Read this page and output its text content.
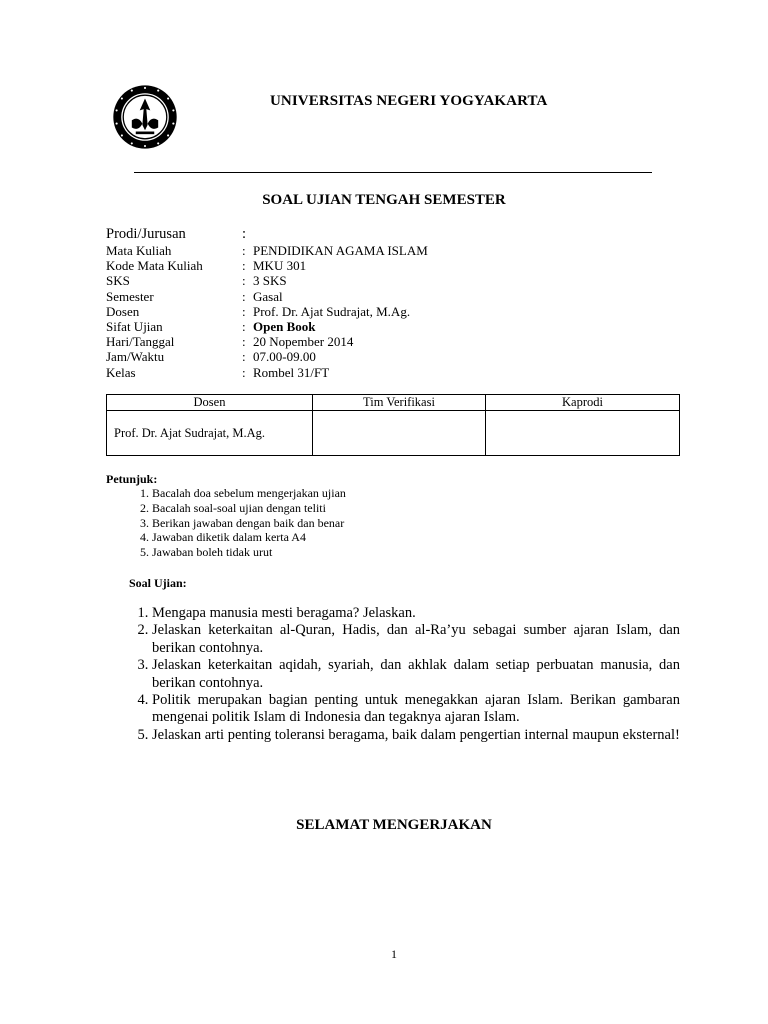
UNIVERSITAS NEGERI YOGYAKARTA
SOAL UJIAN TENGAH SEMESTER
Prodi/Jurusan	:
Mata Kuliah	: PENDIDIKAN AGAMA ISLAM
Kode Mata Kuliah	: MKU 301
SKS	: 3 SKS
Semester	: Gasal
Dosen	: Prof. Dr. Ajat Sudrajat, M.Ag.
Sifat Ujian	: Open Book
Hari/Tanggal	: 20 Nopember 2014
Jam/Waktu	: 07.00-09.00
Kelas	: Rombel 31/FT
Dosen	Tim Verifikasi	Kaprodi
Prof. Dr. Ajat Sudrajat, M.Ag.		
Petunjuk:
1. Bacalah doa sebelum mengerjakan ujian
2. Bacalah soal-soal ujian dengan teliti
3. Berikan jawaban dengan baik dan benar
4. Jawaban diketik dalam kerta A4
5. Jawaban boleh tidak urut
Soal Ujian:
1. Mengapa manusia mesti beragama? Jelaskan.
2. Jelaskan keterkaitan al-Quran, Hadis, dan al-Ra’yu sebagai sumber ajaran Islam, dan berikan contohnya.
3. Jelaskan keterkaitan aqidah, syariah, dan akhlak dalam setiap perbuatan manusia, dan berikan contohnya.
4. Politik merupakan bagian penting untuk menegakkan ajaran Islam. Berikan gambaran mengenai politik Islam di Indonesia dan tegaknya ajaran Islam.
5. Jelaskan arti penting toleransi beragama, baik dalam pengertian internal maupun eksternal!
SELAMAT MENGERJAKAN
1
